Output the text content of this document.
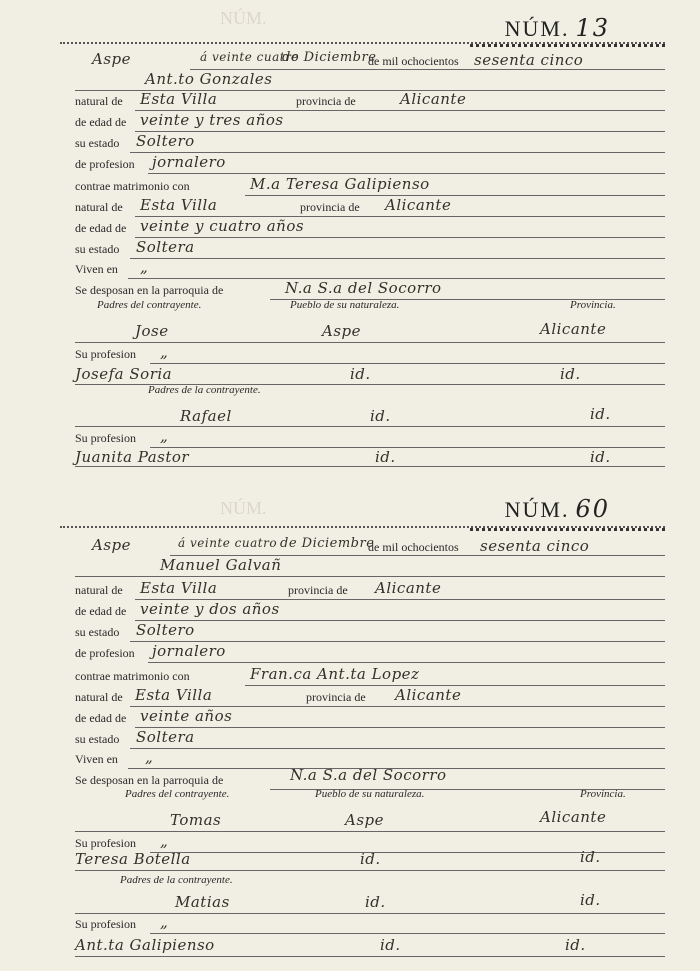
NÚM.
NÚM.
NÚM. 13
Aspe	á veinte cuatro
de Diciembre
de mil ochocientos sesenta cinco
Ant.to Gonzales
natural de Esta Villa	provincia de	Alicante
de edad de veinte y tres años
su estado Soltero
de profesion jornalero
contrae matrimonio con	M.a Teresa Galipienso
natural de Esta Villa	provincia de Alicante
de edad de veinte y cuatro años
su estado Soltera
Viven en „
Se desposan en la parroquia de	N.a S.a del Socorro
Padres del contrayente.	Pueblo de su naturaleza.	Provincia.
Jose	Aspe	Alicante
Su profesion „
Josefa Soria	id.	id.
Padres de la contrayente.
Rafael	id.	id.
Su profesion „
Juanita Pastor	id.	id.
NÚM. 60
Aspe	á veinte cuatro de Diciembre
de mil ochocientos sesenta cinco
Manuel Galvañ
natural de Esta Villa	provincia de Alicante
de edad de veinte y dos años
su estado Soltero
de profesion jornalero
contrae matrimonio con	Fran.ca Ant.ta Lopez
natural de Esta Villa	provincia de Alicante
de edad de veinte años
su estado Soltera
Viven en „
Se desposan en la parroquia de	N.a S.a del Socorro
Padres del contrayente.	Pueblo de su naturaleza.	Provincia.
Tomas	Aspe	Alicante
Su profesion „
Teresa Botella	id.	id.
Padres de la contrayente.
Matias	id.	id.
Su profesion „
Ant.ta Galipienso	id.	id.
